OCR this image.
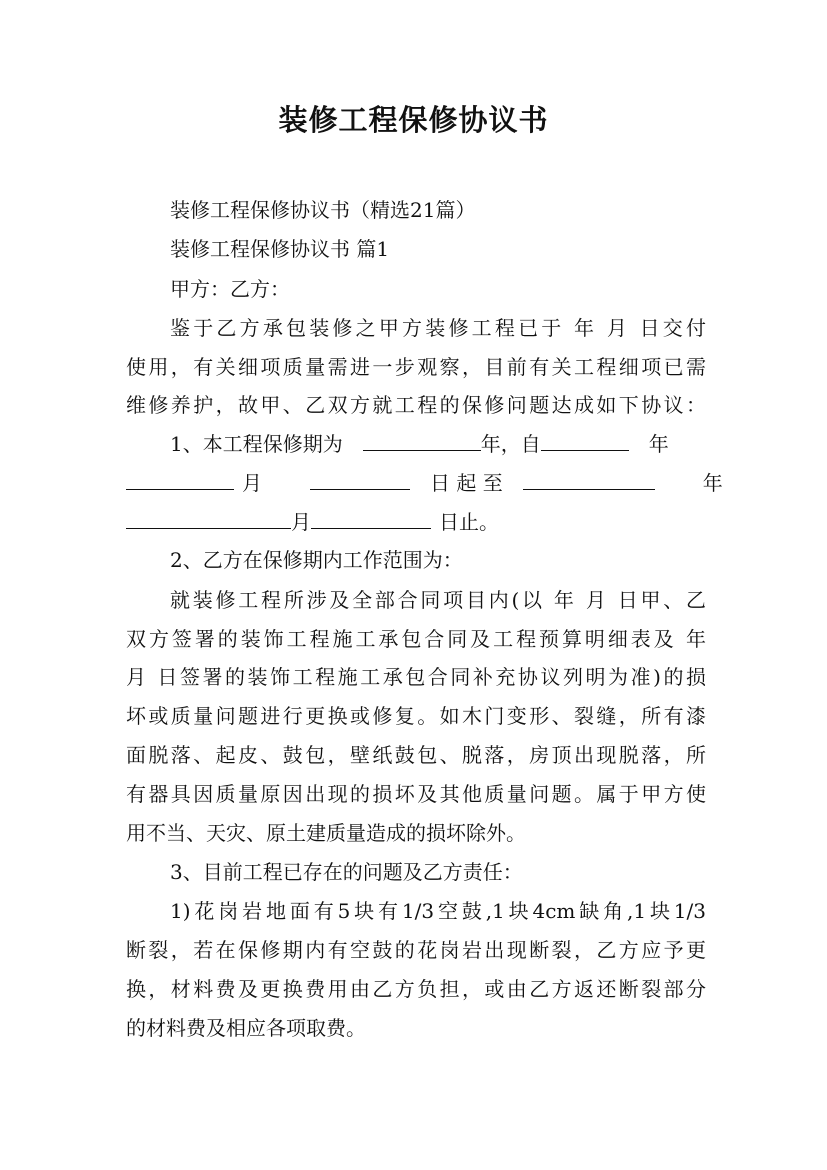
装修工程保修协议书

装修工程保修协议书（精选21篇）

装修工程保修协议书 篇1

甲方：乙方：

鉴于乙方承包装修之甲方装修工程已于 年 月 日交付

使用，有关细项质量需进一步观察，目前有关工程细项已需

维修养护，故甲、乙双方就工程的保修问题达成如下协议：

1、本工程保修期为	年，自	年
月	日 起 至	年
月	日止。

2、乙方在保修期内工作范围为：

就装修工程所涉及全部合同项目内(以 年 月 日甲、乙

双方签署的装饰工程施工承包合同及工程预算明细表及 年

月 日签署的装饰工程施工承包合同补充协议列明为准)的损

坏或质量问题进行更换或修复。如木门变形、裂缝，所有漆

面脱落、起皮、鼓包，壁纸鼓包、脱落，房顶出现脱落，所

有器具因质量原因出现的损坏及其他质量问题。属于甲方使

用不当、天灾、原土建质量造成的损坏除外。

3、目前工程已存在的问题及乙方责任：

1)花岗岩地面有5块有1/3空鼓,1块4cm缺角,1块1/3

断裂，若在保修期内有空鼓的花岗岩出现断裂，乙方应予更

换，材料费及更换费用由乙方负担，或由乙方返还断裂部分

的材料费及相应各项取费。
